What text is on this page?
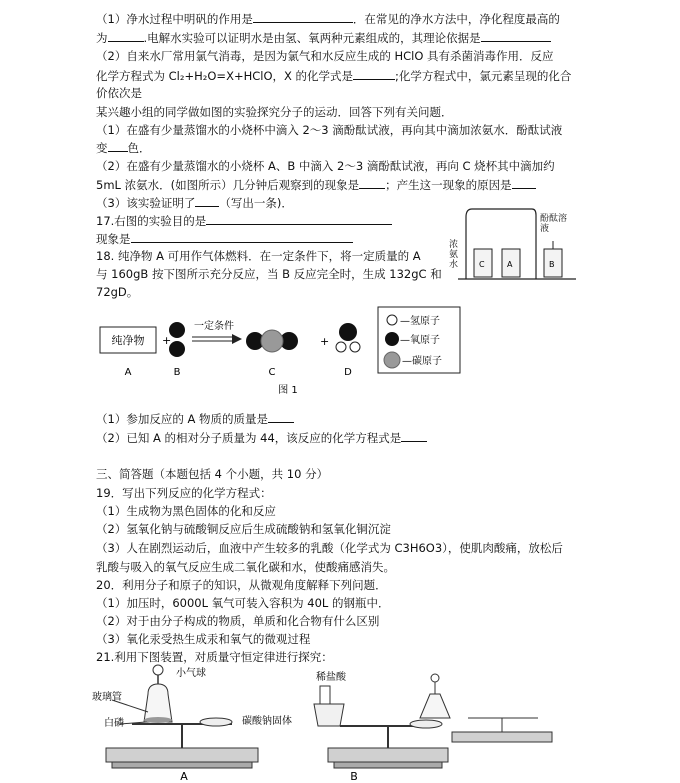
（1）净水过程中明矾的作用是	．在常见的净水方法中，净化程度最高的
为	.电解水实验可以证明水是由氢、氧两种元素组成的，其理论依据是
（2）自来水厂常用氯气消毒，是因为氯气和水反应生成的 HClO 具有杀菌消毒作用．反应
化学方程式为 Cl₂+H₂O=X+HClO，X 的化学式是	;化学方程式中，氯元素呈现的化合
价依次是
某兴趣小组的同学做如图的实验探究分子的运动．回答下列有关问题．
（1）在盛有少量蒸馏水的小烧杯中滴入 2～3 滴酚酞试液，再向其中滴加浓氨水．酚酞试液
变 色．
（2）在盛有少量蒸馏水的小烧杯 A、B 中滴入 2～3 滴酚酞试液，再向 C 烧杯其中滴加约
5mL 浓氨水．(如图所示）几分钟后观察到的现象是 ；产生这一现象的原因是
（3）该实验证明了 （写出一条)．
17.右图的实验目的是
现象是
18. 纯净物 A 可用作气体燃料．在一定条件下，将一定质量的 A
与 160gB 按下图所示充分反应，当 B 反应完全时，生成 132gC 和
72gD。
C	A	B
酚酞溶液
浓氨水
纯净物 +
一定条件
+
—氢原子
—氧原子
—碳原子
A	B	C	D
图 1
（1）参加反应的 A 物质的质量是
（2）已知 A 的相对分子质量为 44，该反应的化学方程式是
三、简答题（本题包括 4 个小题，共 10 分）
19．写出下列反应的化学方程式：
（1）生成物为黑色固体的化和反应
（2）氢氧化钠与硫酸铜反应后生成硫酸钠和氢氧化铜沉淀
（3）人在剧烈运动后，血液中产生较多的乳酸（化学式为 C3H6O3），使肌肉酸痛，放松后
乳酸与吸入的氧气反应生成二氧化碳和水，使酸痛感消失。
20．利用分子和原子的知识，从微观角度解释下列问题．
（1）加压时，6000L 氧气可装入容积为 40L 的钢瓶中．
（2）对于由分子构成的物质，单质和化合物有什么区别
（3）氧化汞受热生成汞和氧气的微观过程
21.利用下图装置，对质量守恒定律进行探究：
小气球
玻璃管
白磷
A
稀盐酸
碳酸钠固体
B
